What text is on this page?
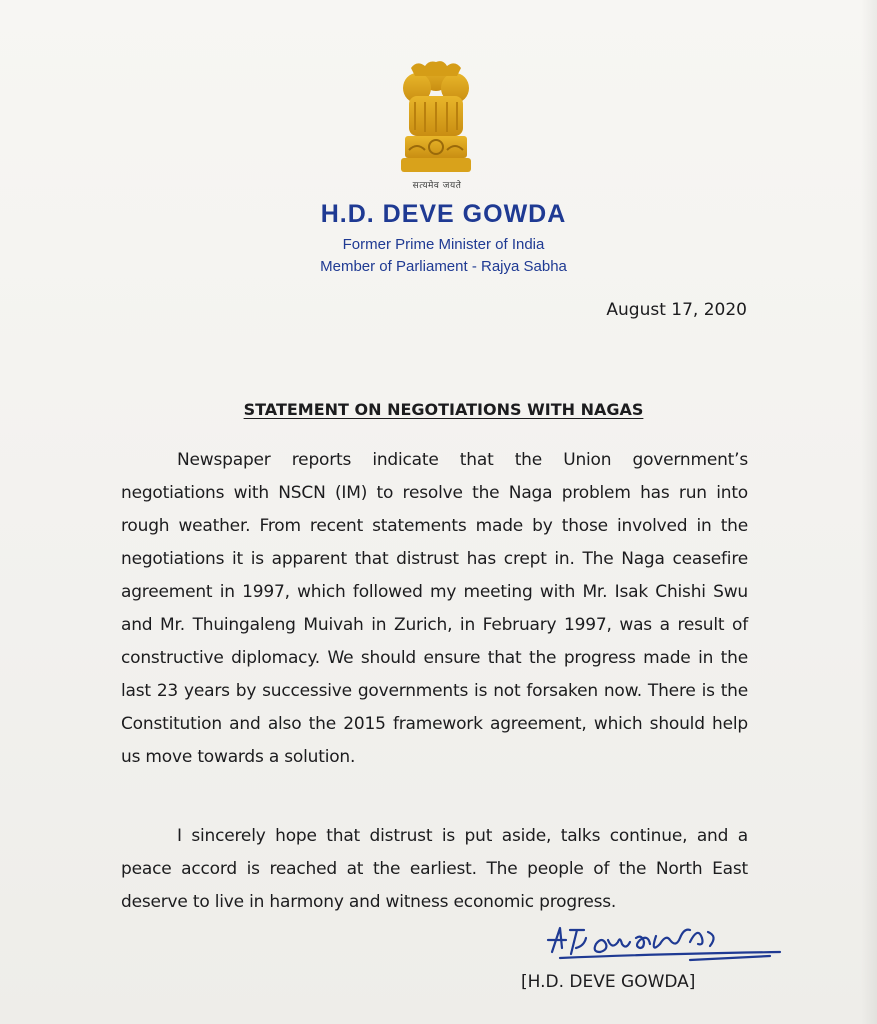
सत्यमेव जयते
H.D. DEVE GOWDA
Former Prime Minister of India
Member of Parliament - Rajya Sabha
August 17, 2020
STATEMENT ON NEGOTIATIONS WITH NAGAS

Newspaper reports indicate that the Union government’s negotiations with NSCN (IM) to resolve the Naga problem has run into rough weather. From recent statements made by those involved in the negotiations it is apparent that distrust has crept in. The Naga ceasefire agreement in 1997, which followed my meeting with Mr. Isak Chishi Swu and Mr. Thuingaleng Muivah in Zurich, in February 1997, was a result of constructive diplomacy. We should ensure that the progress made in the last 23 years by successive governments is not forsaken now. There is the Constitution and also the 2015 framework agreement, which should help us move towards a solution.

I sincerely hope that distrust is put aside, talks continue, and a peace accord is reached at the earliest. The people of the North East deserve to live in harmony and witness economic progress.

[H.D. DEVE GOWDA]
